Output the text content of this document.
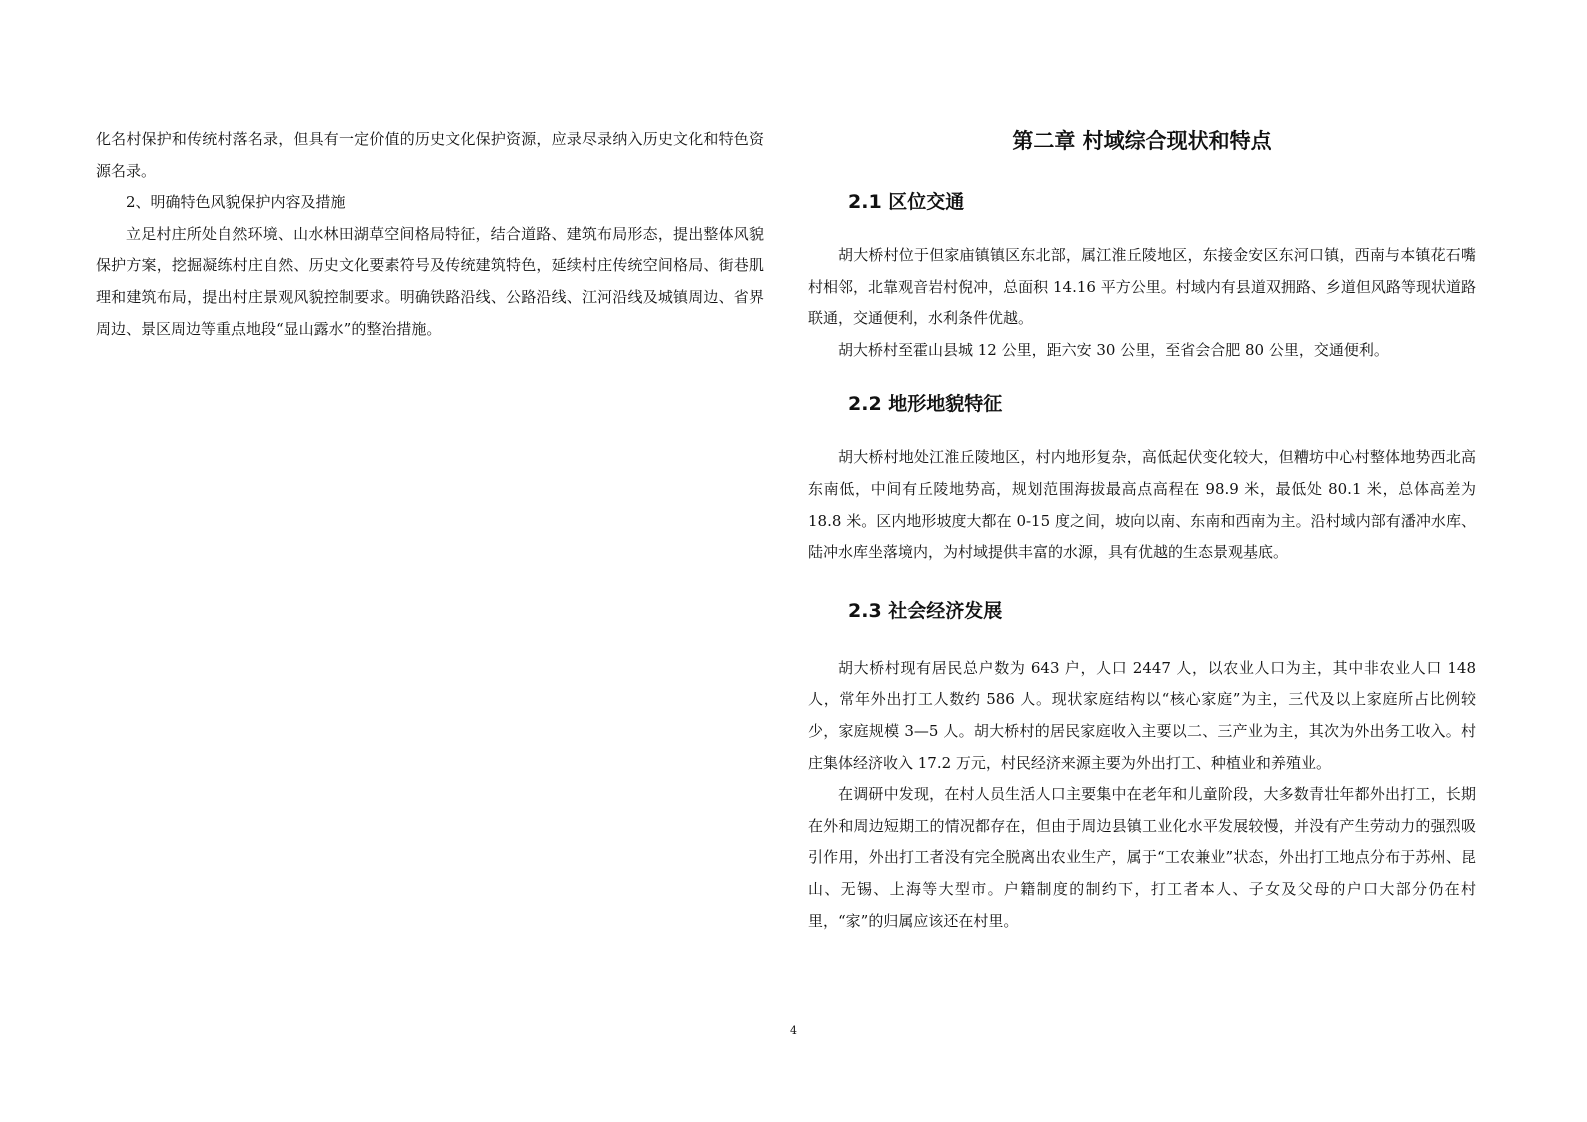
化名村保护和传统村落名录，但具有一定价值的历史文化保护资源，应录尽录纳入历史文化和特色资源名录。

2、明确特色风貌保护内容及措施

立足村庄所处自然环境、山水林田湖草空间格局特征，结合道路、建筑布局形态，提出整体风貌保护方案，挖掘凝练村庄自然、历史文化要素符号及传统建筑特色，延续村庄传统空间格局、街巷肌理和建筑布局，提出村庄景观风貌控制要求。明确铁路沿线、公路沿线、江河沿线及城镇周边、省界周边、景区周边等重点地段“显山露水”的整治措施。

第二章 村域综合现状和特点
2.1 区位交通

胡大桥村位于但家庙镇镇区东北部，属江淮丘陵地区，东接金安区东河口镇，西南与本镇花石嘴村相邻，北靠观音岩村倪冲，总面积 14.16 平方公里。村域内有县道双拥路、乡道但风路等现状道路联通，交通便利，水利条件优越。

胡大桥村至霍山县城 12 公里，距六安 30 公里，至省会合肥 80 公里，交通便利。

2.2 地形地貌特征

胡大桥村地处江淮丘陵地区，村内地形复杂，高低起伏变化较大，但糟坊中心村整体地势西北高东南低，中间有丘陵地势高，规划范围海拔最高点高程在 98.9 米，最低处 80.1 米，总体高差为 18.8 米。区内地形坡度大都在 0-15 度之间，坡向以南、东南和西南为主。沿村域内部有潘冲水库、陆冲水库坐落境内，为村域提供丰富的水源，具有优越的生态景观基底。

2.3 社会经济发展

胡大桥村现有居民总户数为 643 户，人口 2447 人，以农业人口为主，其中非农业人口 148 人，常年外出打工人数约 586 人。现状家庭结构以“核心家庭”为主，三代及以上家庭所占比例较少，家庭规模 3—5 人。胡大桥村的居民家庭收入主要以二、三产业为主，其次为外出务工收入。村庄集体经济收入 17.2 万元，村民经济来源主要为外出打工、种植业和养殖业。

在调研中发现，在村人员生活人口主要集中在老年和儿童阶段，大多数青壮年都外出打工，长期在外和周边短期工的情况都存在，但由于周边县镇工业化水平发展较慢，并没有产生劳动力的强烈吸引作用，外出打工者没有完全脱离出农业生产，属于“工农兼业”状态，外出打工地点分布于苏州、昆山、无锡、上海等大型市。户籍制度的制约下，打工者本人、子女及父母的户口大部分仍在村里，“家”的归属应该还在村里。

4
